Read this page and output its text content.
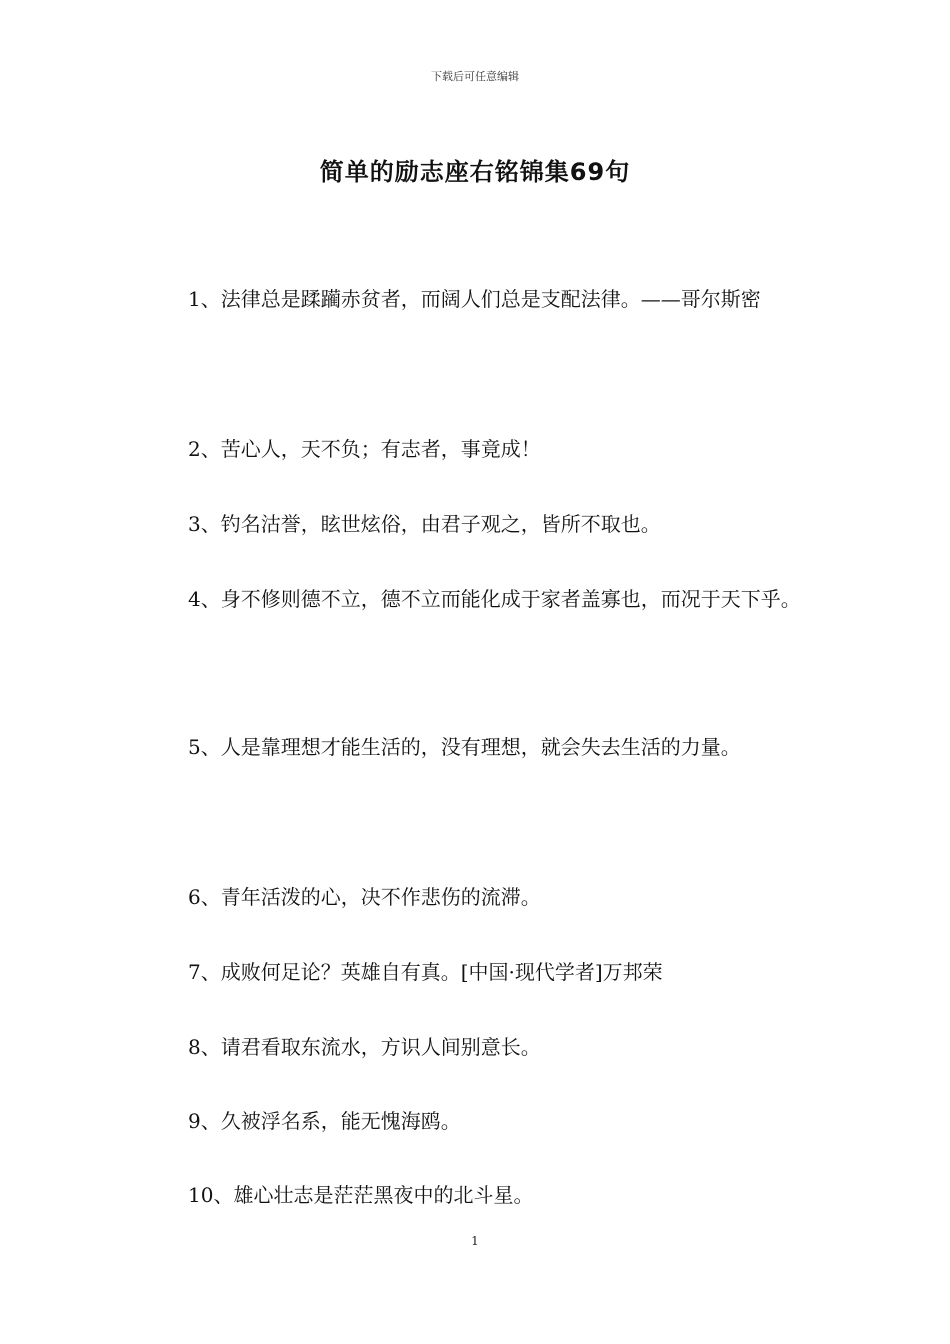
下载后可任意编辑
简单的励志座右铭锦集69句

1、法律总是蹂躏赤贫者，而阔人们总是支配法律。——哥尔斯密

2、苦心人，天不负；有志者，事竟成！

3、钓名沽誉，眩世炫俗，由君子观之，皆所不取也。

4、身不修则德不立，德不立而能化成于家者盖寡也，而况于天下乎。

5、人是靠理想才能生活的，没有理想，就会失去生活的力量。

6、青年活泼的心，决不作悲伤的流滞。

7、成败何足论？英雄自有真。[中国·现代学者]万邦荣

8、请君看取东流水，方识人间别意长。

9、久被浮名系，能无愧海鸥。

10、雄心壮志是茫茫黑夜中的北斗星。

1
